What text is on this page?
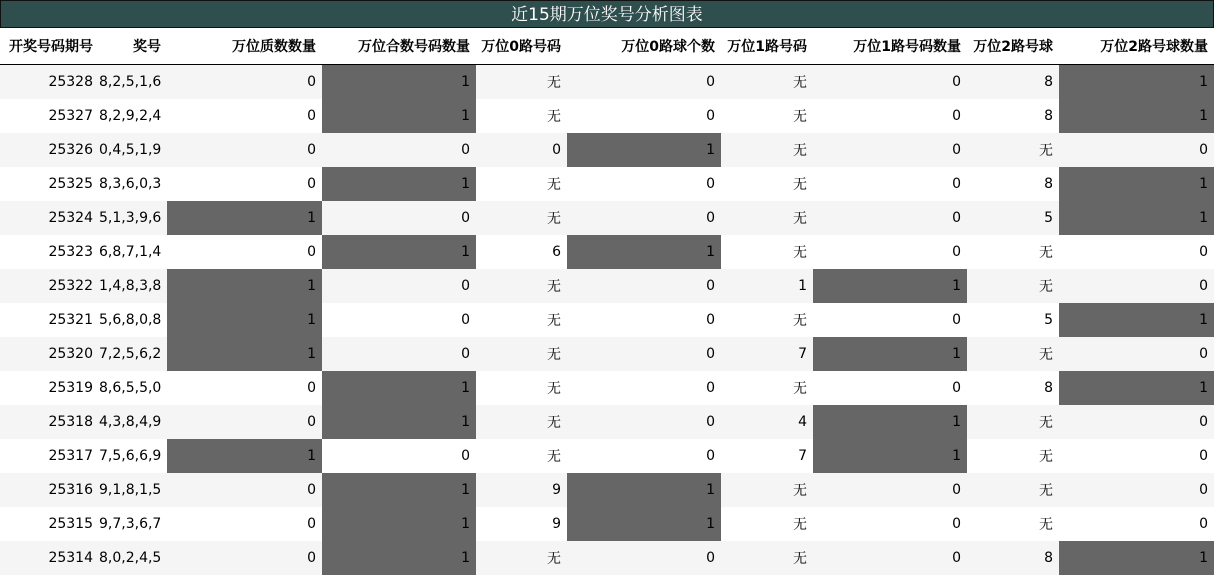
近15期万位奖号分析图表
开奖号码期号	奖号	万位质数数量	万位合数号码数量	万位0路号码	万位0路球个数	万位1路号码	万位1路号码数量	万位2路号球	万位2路号球数量
25328	8,2,5,1,6	0	1	无	0	无	0	8	1
25327	8,2,9,2,4	0	1	无	0	无	0	8	1
25326	0,4,5,1,9	0	0	0	1	无	0	无	0
25325	8,3,6,0,3	0	1	无	0	无	0	8	1
25324	5,1,3,9,6	1	0	无	0	无	0	5	1
25323	6,8,7,1,4	0	1	6	1	无	0	无	0
25322	1,4,8,3,8	1	0	无	0	1	1	无	0
25321	5,6,8,0,8	1	0	无	0	无	0	5	1
25320	7,2,5,6,2	1	0	无	0	7	1	无	0
25319	8,6,5,5,0	0	1	无	0	无	0	8	1
25318	4,3,8,4,9	0	1	无	0	4	1	无	0
25317	7,5,6,6,9	1	0	无	0	7	1	无	0
25316	9,1,8,1,5	0	1	9	1	无	0	无	0
25315	9,7,3,6,7	0	1	9	1	无	0	无	0
25314	8,0,2,4,5	0	1	无	0	无	0	8	1
